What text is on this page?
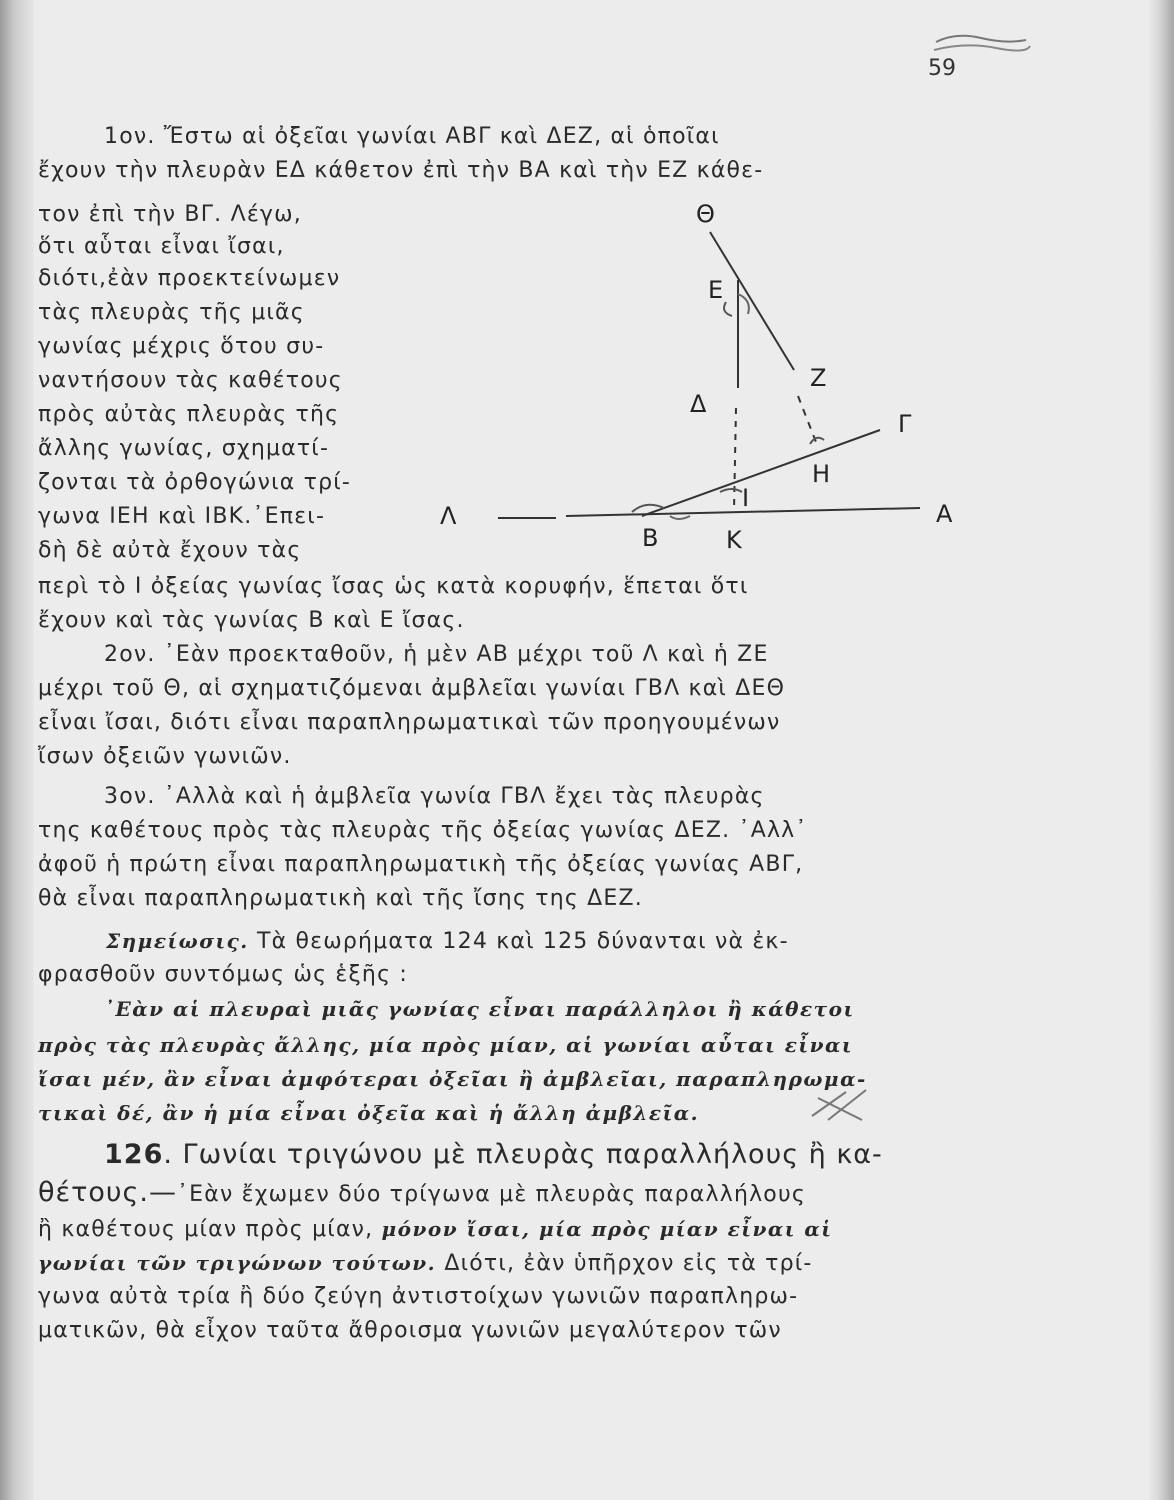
59
1ον. Ἔστω αἱ ὀξεῖαι γωνίαι ΑΒΓ καὶ ΔΕΖ, αἱ ὁποῖαι
ἔχουν τὴν πλευρὰν ΕΔ κάθετον ἐπὶ τὴν ΒΑ καὶ τὴν ΕΖ κάθε-
τον ἐπὶ τὴν ΒΓ. Λέγω,
ὅτι αὗται εἶναι ἴσαι,
διότι,ἐὰν προεκτείνωμεν
τὰς πλευρὰς τῆς μιᾶς
γωνίας μέχρις ὅτου συ-
ναντήσουν τὰς καθέτους
πρὸς αὐτὰς πλευρὰς τῆς
ἄλλης γωνίας, σχηματί-
ζονται τὰ ὀρθογώνια τρί-
γωνα ΙΕΗ καὶ ΙΒΚ.᾿Επει-
δὴ δὲ αὐτὰ ἔχουν τὰς
περὶ τὸ Ι ὀξείας γωνίας ἴσας ὡς κατὰ κορυφήν, ἕπεται ὅτι
ἔχουν καὶ τὰς γωνίας Β καὶ Ε ἴσας.
Θ
Ε
Ζ
Δ
Γ
Η
Ι
Λ
Β	Κ
Α
2ον. ᾿Εὰν προεκταθοῦν, ἡ μὲν ΑΒ μέχρι τοῦ Λ καὶ ἡ ΖΕ
μέχρι τοῦ Θ, αἱ σχηματιζόμεναι ἀμβλεῖαι γωνίαι ΓΒΛ καὶ ΔΕΘ
εἶναι ἴσαι, διότι εἶναι παραπληρωματικαὶ τῶν προηγουμένων
ἴσων ὀξειῶν γωνιῶν.
3ον. ᾿Αλλὰ καὶ ἡ ἀμβλεῖα γωνία ΓΒΛ ἔχει τὰς πλευρὰς
της καθέτους πρὸς τὰς πλευρὰς τῆς ὀξείας γωνίας ΔΕΖ. ᾿Αλλ᾿
ἀφοῦ ἡ πρώτη εἶναι παραπληρωματικὴ τῆς ὀξείας γωνίας ΑΒΓ,
θὰ εἶναι παραπληρωματικὴ καὶ τῆς ἴσης της ΔΕΖ.
Σημείωσις. Τὰ θεωρήματα 124 καὶ 125 δύνανται νὰ ἐκ-
φρασθοῦν συντόμως ὡς ἑξῆς :
᾿Εὰν αἱ πλευραὶ μιᾶς γωνίας εἶναι παράλληλοι ἢ κάθετοι
πρὸς τὰς πλευρὰς ἄλλης, μία πρὸς μίαν, αἱ γωνίαι αὗται εἶναι
ἴσαι μέν, ἂν εἶναι ἀμφότεραι ὀξεῖαι ἢ ἀμβλεῖαι, παραπληρωμα-
τικαὶ δέ, ἂν ἡ μία εἶναι ὀξεῖα καὶ ἡ ἄλλη ἀμβλεῖα.
126. Γωνίαι τριγώνου μὲ πλευρὰς παραλλήλους ἢ κα-
θέτους.—᾿Εὰν ἔχωμεν δύο τρίγωνα μὲ πλευρὰς παραλλήλους
ἢ καθέτους μίαν πρὸς μίαν, μόνον ἴσαι, μία πρὸς μίαν εἶναι αἱ
γωνίαι τῶν τριγώνων τούτων. Διότι, ἐὰν ὑπῆρχον εἰς τὰ τρί-
γωνα αὐτὰ τρία ἢ δύο ζεύγη ἀντιστοίχων γωνιῶν παραπληρω-
ματικῶν, θὰ εἶχον ταῦτα ἄθροισμα γωνιῶν μεγαλύτερον τῶν
